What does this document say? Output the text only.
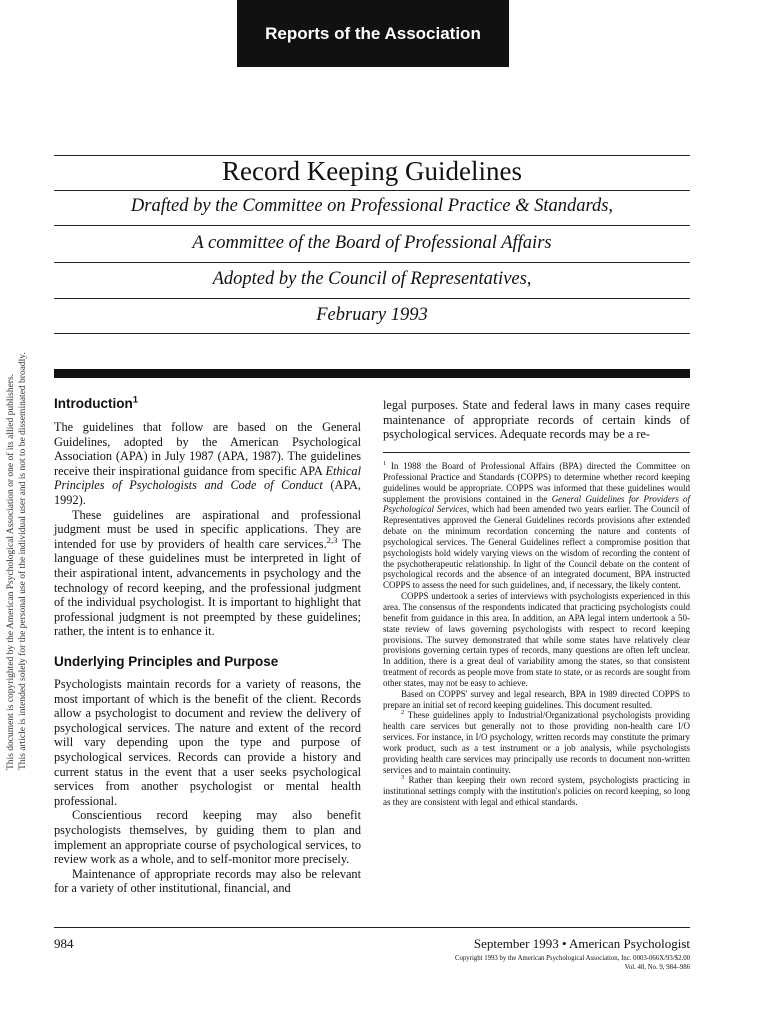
Reports of the Association
Record Keeping Guidelines
Drafted by the Committee on Professional Practice & Standards,
A committee of the Board of Professional Affairs
Adopted by the Council of Representatives,
February 1993
This document is copyrighted by the American Psychological Association or one of its allied publishers. This article is intended solely for the personal use of the individual user and is not to be disseminated broadly. Introduction$^1$

The guidelines that follow are based on the General Guidelines, adopted by the American Psychological Association (APA) in July 1987 (APA, 1987). The guidelines receive their inspirational guidance from specific APA Ethical Principles of Psychologists and Code of Conduct (APA, 1992).

These guidelines are aspirational and professional judgment must be used in specific applications. They are intended for use by providers of health care services.$^{2,3}$ The language of these guidelines must be interpreted in light of their aspirational intent, advancements in psychology and the technology of record keeping, and the professional judgment of the individual psychologist. It is important to highlight that professional judgment is not preempted by these guidelines; rather, the intent is to enhance it.

Underlying Principles and Purpose

Psychologists maintain records for a variety of reasons, the most important of which is the benefit of the client. Records allow a psychologist to document and review the delivery of psychological services. The nature and extent of the record will vary depending upon the type and purpose of psychological services. Records can provide a history and current status in the event that a user seeks psychological services from another psychologist or mental health professional.

Conscientious record keeping may also benefit psychologists themselves, by guiding them to plan and implement an appropriate course of psychological services, to review work as a whole, and to self-monitor more precisely.

Maintenance of appropriate records may also be relevant for a variety of other institutional, financial, and

legal purposes. State and federal laws in many cases require maintenance of appropriate records of certain kinds of psychological services. Adequate records may be a re-

$^1$ In 1988 the Board of Professional Affairs (BPA) directed the Committee on Professional Practice and Standards (COPPS) to determine whether record keeping guidelines would be appropriate. COPPS was informed that these guidelines would supplement the provisions contained in the General Guidelines for Providers of Psychological Services, which had been amended two years earlier. The Council of Representatives approved the General Guidelines records provisions after extended debate on the minimum recordation concerning the nature and contents of psychological services. The General Guidelines reflect a compromise position that psychologists hold widely varying views on the wisdom of recording the content of the psychotherapeutic relationship. In light of the Council debate on the content of psychological records and the absence of an integrated document, BPA instructed COPPS to assess the need for such guidelines, and, if necessary, the likely content.

COPPS undertook a series of interviews with psychologists experienced in this area. The consensus of the respondents indicated that practicing psychologists could benefit from guidance in this area. In addition, an APA legal intern undertook a 50-state review of laws governing psychologists with respect to record keeping provisions. The survey demonstrated that while some states have relatively clear provisions governing certain types of records, many questions are often left unclear. In addition, there is a great deal of variability among the states, so that consistent treatment of records as people move from state to state, or as records are sought from other states, may not be easy to achieve.

Based on COPPS' survey and legal research, BPA in 1989 directed COPPS to prepare an initial set of record keeping guidelines. This document resulted.

$^2$ These guidelines apply to Industrial/Organizational psychologists providing health care services but generally not to those providing non-health care I/O services. For instance, in I/O psychology, written records may constitute the primary work product, such as a test instrument or a job analysis, while psychologists providing health care services may principally use records to document non-written services and to maintain continuity.

$^3$ Rather than keeping their own record system, psychologists practicing in institutional settings comply with the institution's policies on record keeping, so long as they are consistent with legal and ethical standards.

984	September 1993 • American Psychologist
Copyright 1993 by the American Psychological Association, Inc. 0003-066X/93/$2.00
Vol. 48, No. 9, 984–986
